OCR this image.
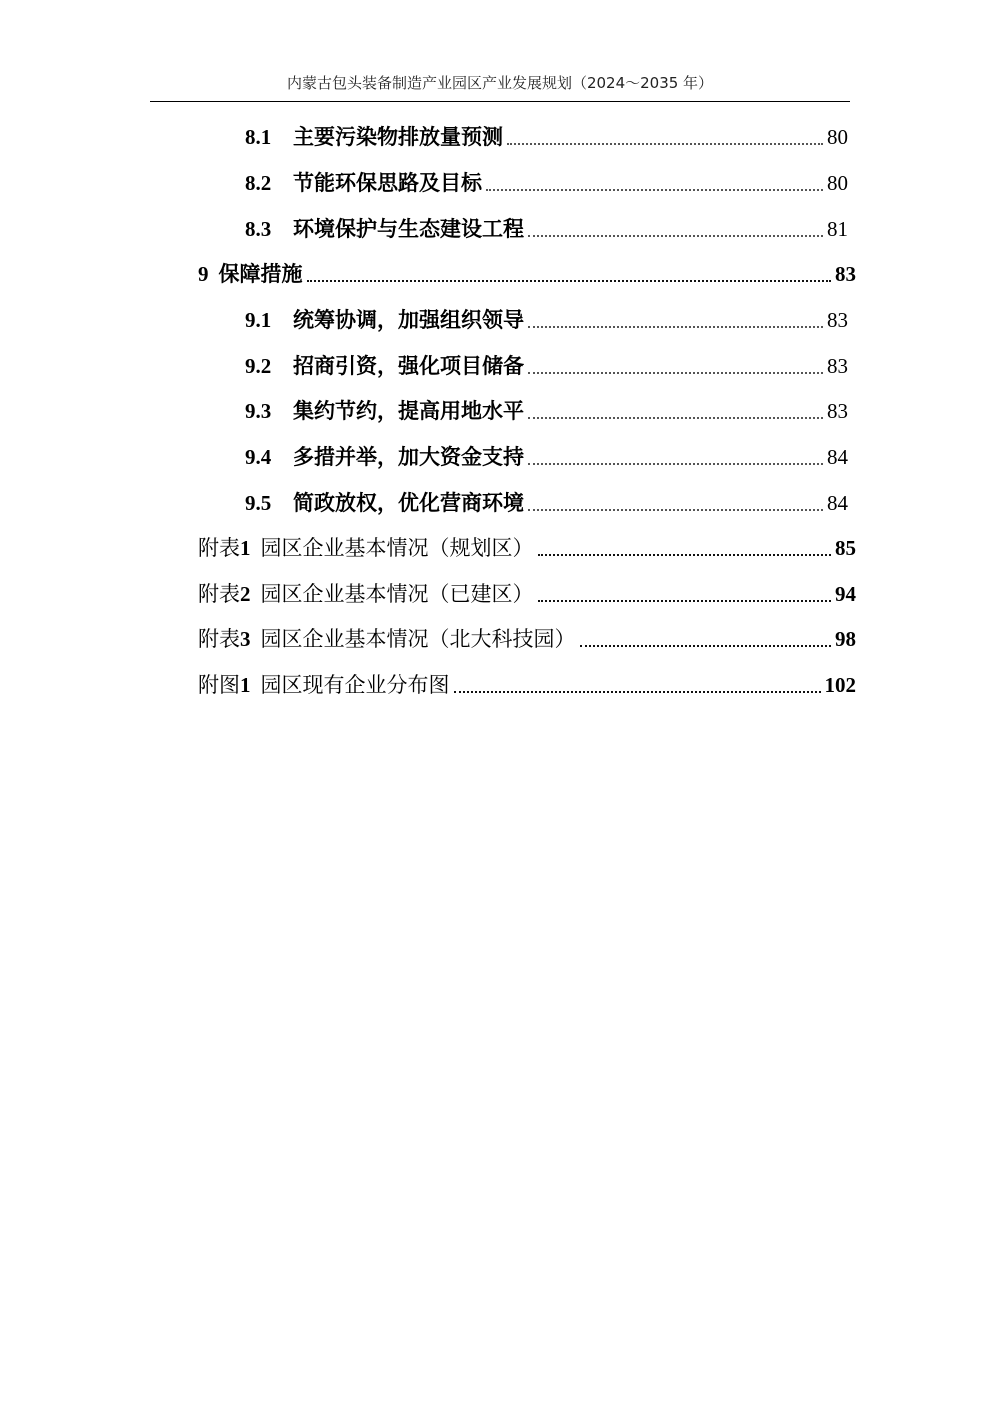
内蒙古包头装备制造产业园区产业发展规划（2024～2035 年）
8.1	主要污染物排放量预测	80
8.2	节能环保思路及目标	80
8.3	环境保护与生态建设工程	81
9 保障措施	83
9.1	统筹协调，加强组织领导	83
9.2	招商引资，强化项目储备	83
9.3	集约节约，提高用地水平	83
9.4	多措并举，加大资金支持	84
9.5	简政放权，优化营商环境	84
附表 1 园区企业基本情况（规划区）	85
附表 2 园区企业基本情况（已建区）	94
附表 3 园区企业基本情况（北大科技园）	98
附图 1 园区现有企业分布图	102
